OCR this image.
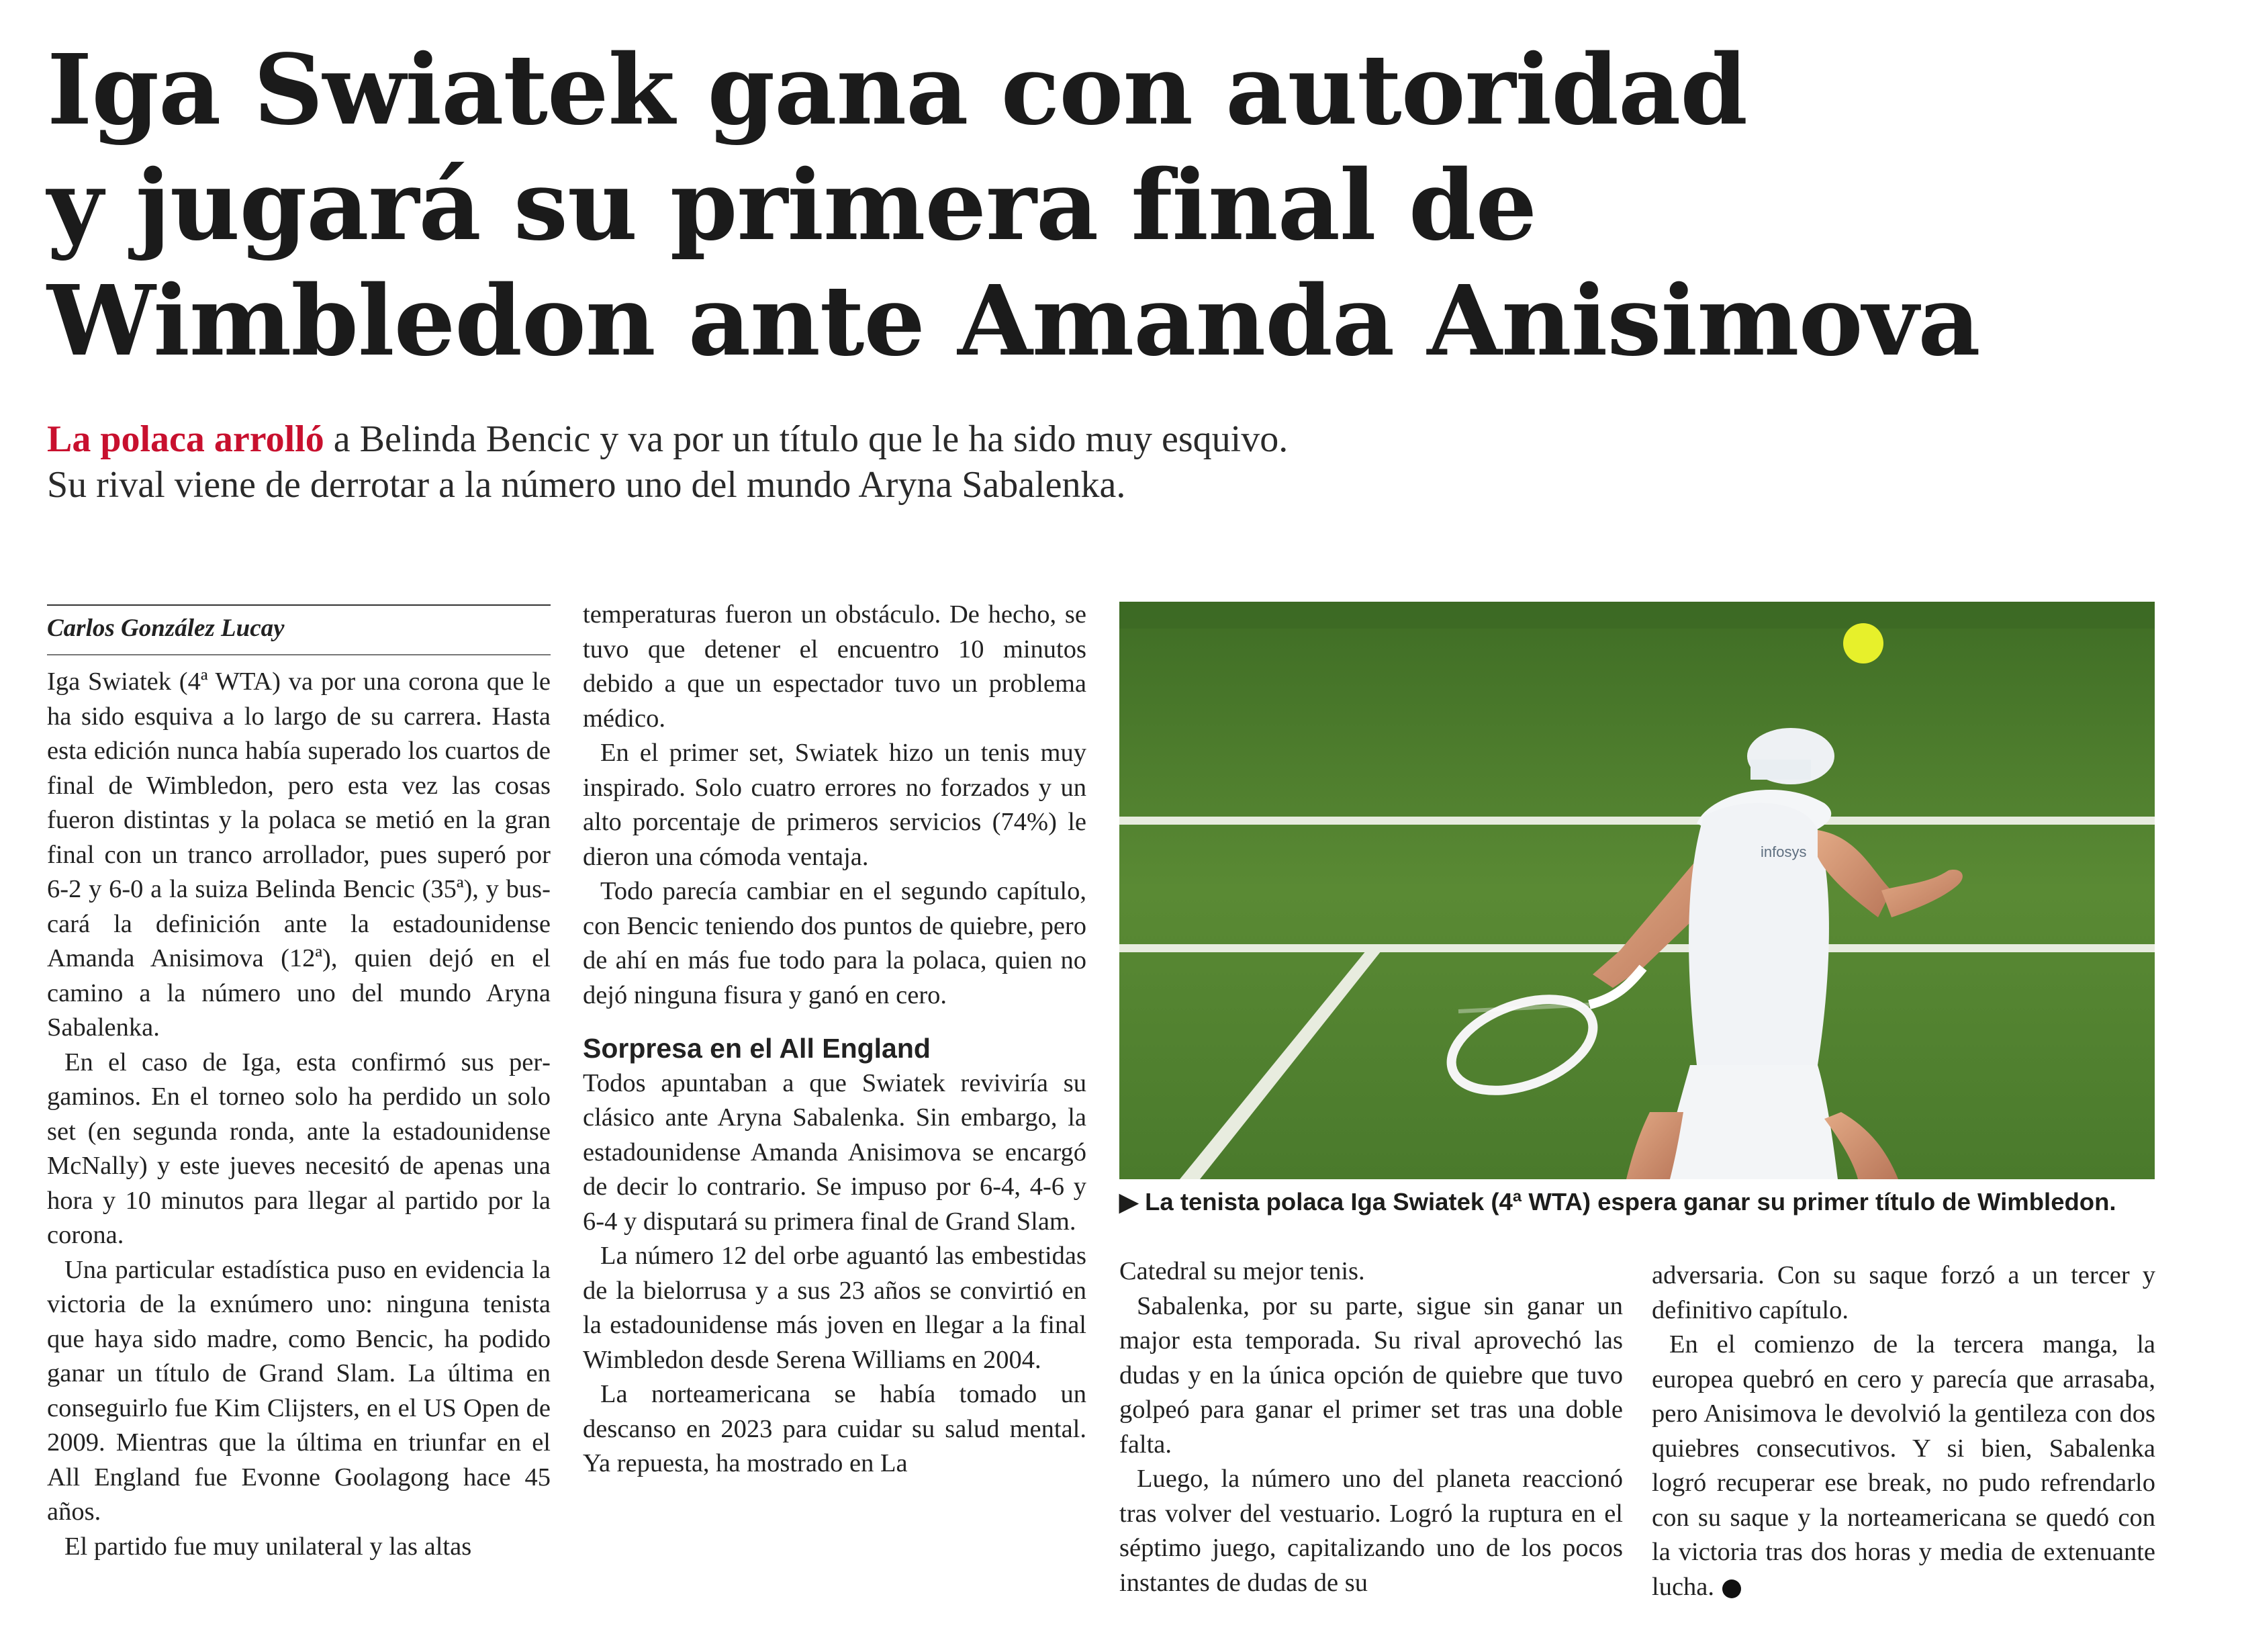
Iga Swiatek gana con autoridad
y jugará su primera final de
Wimbledon ante Amanda Anisimova
La polaca arrolló a Belinda Bencic y va por un título que le ha sido muy esquivo.
Su rival viene de derrotar a la número uno del mundo Aryna Sabalenka.
Carlos González Lucay

Iga Swiatek (4ª WTA) va por una corona que le ha sido esquiva a lo largo de su carrera. Hasta esta edición nunca había superado los cuartos de final de Wimbledon, pero esta vez las cosas fueron distintas y la polaca se metió en la gran final con un tranco arrollador, pues superó por 6-2 y 6-0 a la suiza Belinda Bencic (35ª), y buscará la definición ante la estadounidense Amanda Anisimova (12ª), quien dejó en el camino a la número uno del mundo Aryna Sabalenka.

En el caso de Iga, esta confirmó sus pergaminos. En el torneo solo ha perdido un solo set (en segunda ronda, ante la estadounidense McNally) y este jueves necesitó de apenas una hora y 10 minutos para llegar al partido por la corona.

Una particular estadística puso en evidencia la victoria de la exnúmero uno: ninguna tenista que haya sido madre, como Bencic, ha podido ganar un título de Grand Slam. La última en conseguirlo fue Kim Clijsters, en el US Open de 2009. Mientras que la última en triunfar en el All England fue Evonne Goolagong hace 45 años.

El partido fue muy unilateral y las altas

temperaturas fueron un obstáculo. De hecho, se tuvo que detener el encuentro 10 minutos debido a que un espectador tuvo un problema médico.

En el primer set, Swiatek hizo un tenis muy inspirado. Solo cuatro errores no forzados y un alto porcentaje de primeros servicios (74%) le dieron una cómoda ventaja.

Todo parecía cambiar en el segundo capítulo, con Bencic teniendo dos puntos de quiebre, pero de ahí en más fue todo para la polaca, quien no dejó ninguna fisura y ganó en cero.

Sorpresa en el All England

Todos apuntaban a que Swiatek reviviría su clásico ante Aryna Sabalenka. Sin embargo, la estadounidense Amanda Anisimova se encargó de decir lo contrario. Se impuso por 6-4, 4-6 y 6-4 y disputará su primera final de Grand Slam.

La número 12 del orbe aguantó las embestidas de la bielorrusa y a sus 23 años se convirtió en la estadounidense más joven en llegar a la final Wimbledon desde Serena Williams en 2004.

La norteamericana se había tomado un descanso en 2023 para cuidar su salud mental. Ya repuesta, ha mostrado en La

infosys
▶ La tenista polaca Iga Swiatek (4ª WTA) espera ganar su primer título de Wimbledon.

Catedral su mejor tenis.

Sabalenka, por su parte, sigue sin ganar un major esta temporada. Su rival aprovechó las dudas y en la única opción de quiebre que tuvo golpeó para ganar el primer set tras una doble falta.

Luego, la número uno del planeta reaccionó tras volver del vestuario. Logró la ruptura en el séptimo juego, capitalizando uno de los pocos instantes de dudas de su

adversaria. Con su saque forzó a un tercer y definitivo capítulo.

En el comienzo de la tercera manga, la europea quebró en cero y parecía que arrasaba, pero Anisimova le devolvió la gentileza con dos quiebres consecutivos. Y si bien, Sabalenka logró recuperar ese break, no pudo refrendarlo con su saque y la norteamericana se quedó con la victoria tras dos horas y media de extenuante lucha.
